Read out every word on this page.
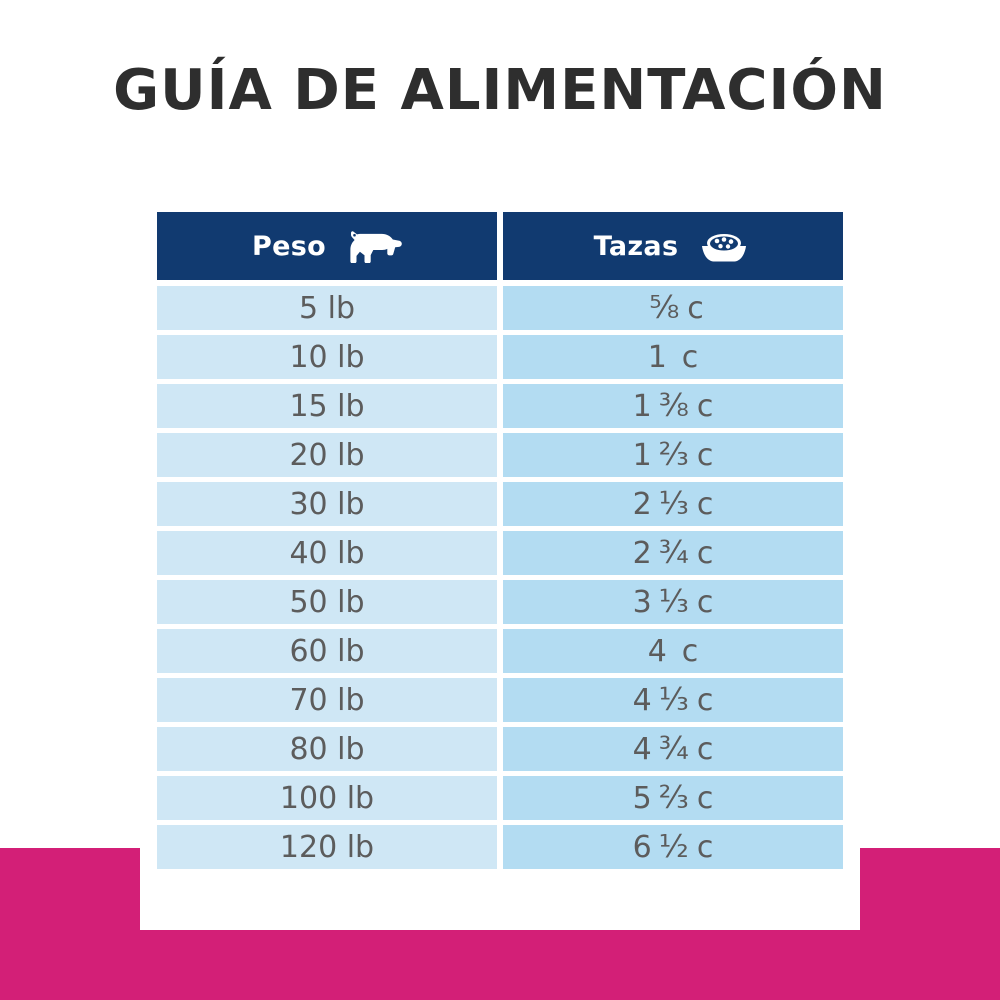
GUÍA DE ALIMENTACIÓN
Peso	Tazas
5 lb	⅝ c
10 lb	1 c
15 lb	1 ⅜ c
20 lb	1 ⅔ c
30 lb	2 ⅓ c
40 lb	2 ¾ c
50 lb	3 ⅓ c
60 lb	4 c
70 lb	4 ⅓ c
80 lb	4 ¾ c
100 lb	5 ⅔ c
120 lb	6 ½ c
